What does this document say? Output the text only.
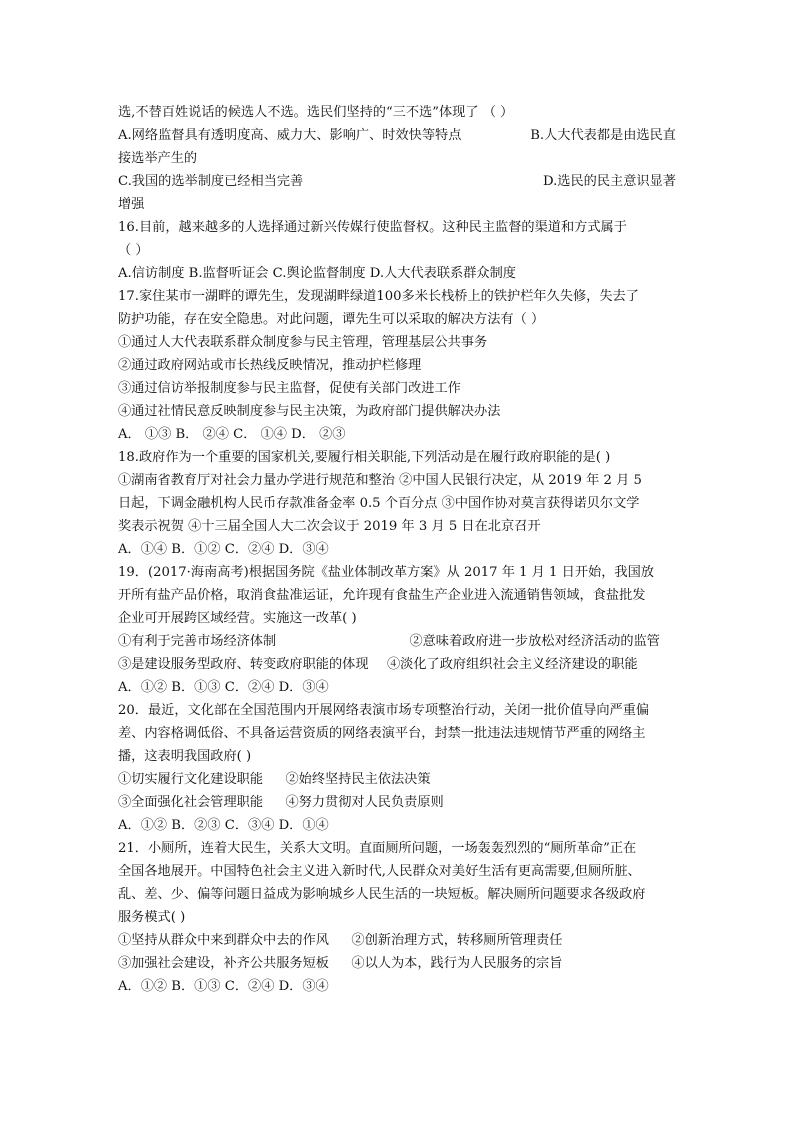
选,不替百姓说话的候选人不选。选民们坚持的“三不选”体现了 （ ）
A.网络监督具有透明度高、威力大、影响广、时效快等特点	B.人大代表都是由选民直
接选举产生的
C.我国的选举制度已经相当完善	D.选民的民主意识显著
增强
16.目前，越来越多的人选择通过新兴传媒行使监督权。这种民主监督的渠道和方式属于
（ ）
A.信访制度 B.监督听证会 C.舆论监督制度 D.人大代表联系群众制度
17.家住某市一湖畔的谭先生，发现湖畔绿道100多米长栈桥上的铁护栏年久失修，失去了
防护功能，存在安全隐患。对此问题，谭先生可以采取的解决方法有（ ）
①通过人大代表联系群众制度参与民主管理，管理基层公共事务
②通过政府网站或市长热线反映情况，推动护栏修理
③通过信访举报制度参与民主监督，促使有关部门改进工作
④通过社情民意反映制度参与民主决策，为政府部门提供解决办法
A． ①③ B． ②④ C． ①④ D． ②③
18.政府作为一个重要的国家机关,要履行相关职能,下列活动是在履行政府职能的是( )
①湖南省教育厅对社会力量办学进行规范和整治 ②中国人民银行决定，从 2019 年 2 月 5
日起，下调金融机构人民币存款准备金率 0.5 个百分点 ③中国作协对莫言获得诺贝尔文学
奖表示祝贺 ④十三届全国人大二次会议于 2019 年 3 月 5 日在北京召开
A．①④ B．①② C．②④ D．③④
19．(2017·海南高考)根据国务院《盐业体制改革方案》从 2017 年 1 月 1 日开始，我国放
开所有盐产品价格，取消食盐准运证，允许现有食盐生产企业进入流通销售领域，食盐批发
企业可开展跨区域经营。实施这一改革( )
①有利于完善市场经济体制	②意味着政府进一步放松对经济活动的监管
③是建设服务型政府、转变政府职能的体现 ④淡化了政府组织社会主义经济建设的职能
A．①② B．①③ C．②④ D．③④
20．最近，文化部在全国范围内开展网络表演市场专项整治行动，关闭一批价值导向严重偏
差、内容格调低俗、不具备运营资质的网络表演平台，封禁一批违法违规情节严重的网络主
播，这表明我国政府( )
①切实履行文化建设职能 ②始终坚持民主依法决策
③全面强化社会管理职能 ④努力贯彻对人民负责原则
A．①② B．②③ C．③④ D．①④
21．小厕所，连着大民生，关系大文明。直面厕所问题，一场轰轰烈烈的“厕所革命”正在
全国各地展开。中国特色社会主义进入新时代,人民群众对美好生活有更高需要,但厕所脏、
乱、差、少、偏等问题日益成为影响城乡人民生活的一块短板。解决厕所问题要求各级政府
服务模式( )
①坚持从群众中来到群众中去的作风 ②创新治理方式，转移厕所管理责任
③加强社会建设，补齐公共服务短板 ④以人为本，践行为人民服务的宗旨
A．①② B．①③ C．②④ D．③④
